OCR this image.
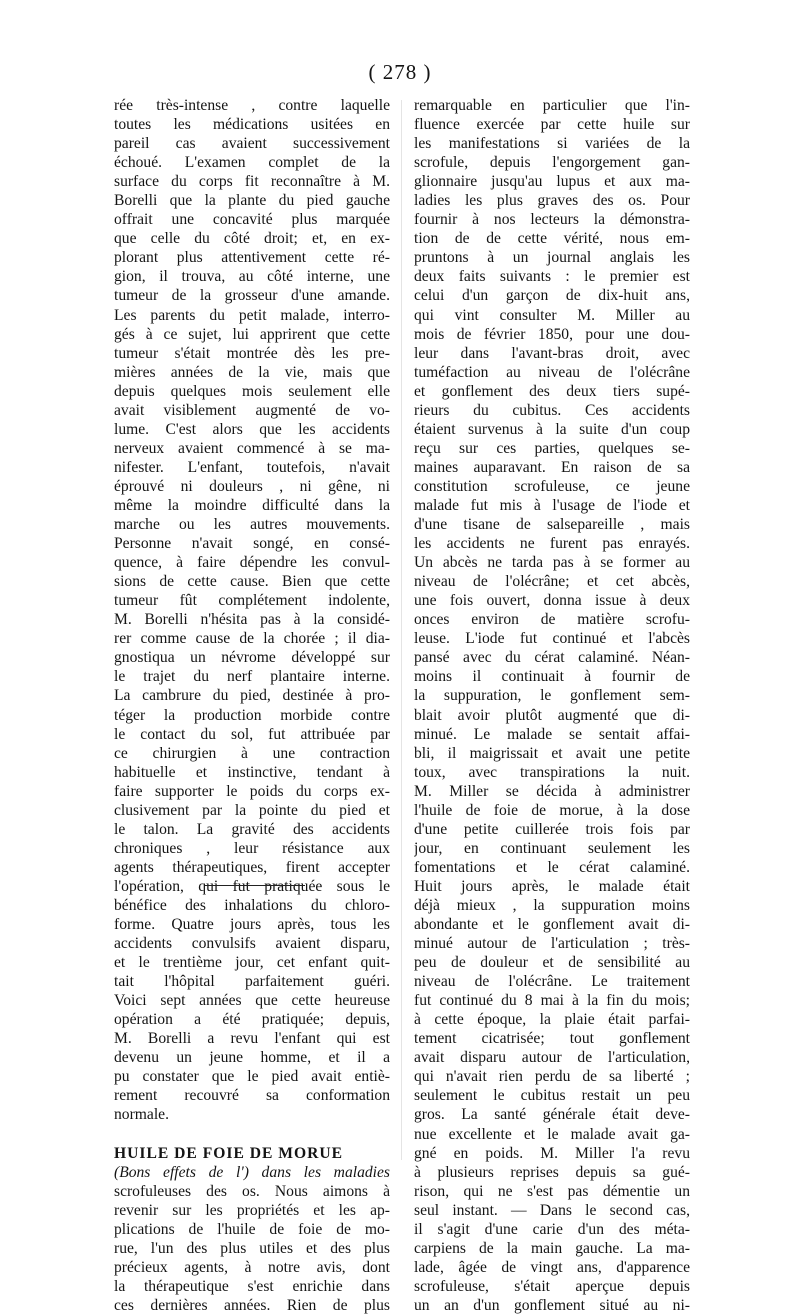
( 278 )
rée très-intense , contre laquelle
toutes les médications usitées en
pareil cas avaient successivement
échoué. L'examen complet de la
surface du corps fit reconnaître à M.
Borelli que la plante du pied gauche
offrait une concavité plus marquée
que celle du côté droit; et, en ex-
plorant plus attentivement cette ré-
gion, il trouva, au côté interne, une
tumeur de la grosseur d'une amande.
Les parents du petit malade, interro-
gés à ce sujet, lui apprirent que cette
tumeur s'était montrée dès les pre-
mières années de la vie, mais que
depuis quelques mois seulement elle
avait visiblement augmenté de vo-
lume. C'est alors que les accidents
nerveux avaient commencé à se ma-
nifester. L'enfant, toutefois, n'avait
éprouvé ni douleurs , ni gêne, ni
même la moindre difficulté dans la
marche ou les autres mouvements.
Personne n'avait songé, en consé-
quence, à faire dépendre les convul-
sions de cette cause. Bien que cette
tumeur fût complétement indolente,
M. Borelli n'hésita pas à la considé-
rer comme cause de la chorée ; il dia-
gnostiqua un névrome développé sur
le trajet du nerf plantaire interne.
La cambrure du pied, destinée à pro-
téger la production morbide contre
le contact du sol, fut attribuée par
ce chirurgien à une contraction
habituelle et instinctive, tendant à
faire supporter le poids du corps ex-
clusivement par la pointe du pied et
le talon. La gravité des accidents
chroniques , leur résistance aux
agents thérapeutiques, firent accepter
l'opération, qui fut pratiquée sous le
bénéfice des inhalations du chloro-
forme. Quatre jours après, tous les
accidents convulsifs avaient disparu,
et le trentième jour, cet enfant quit-
tait l'hôpital parfaitement guéri.
Voici sept années que cette heureuse
opération a été pratiquée; depuis,
M. Borelli a revu l'enfant qui est
devenu un jeune homme, et il a
pu constater que le pied avait entiè-
rement recouvré sa conformation
normale.
HUILE DE FOIE DE MORUE
(Bons effets de l') dans les maladies
scrofuleuses des os. Nous aimons à
revenir sur les propriétés et les ap-
plications de l'huile de foie de mo-
rue, l'un des plus utiles et des plus
précieux agents, à notre avis, dont
la thérapeutique s'est enrichie dans
ces dernières années. Rien de plus
remarquable en particulier que l'in-
fluence exercée par cette huile sur
les manifestations si variées de la
scrofule, depuis l'engorgement gan-
glionnaire jusqu'au lupus et aux ma-
ladies les plus graves des os. Pour
fournir à nos lecteurs la démonstra-
tion de de cette vérité, nous em-
pruntons à un journal anglais les
deux faits suivants : le premier est
celui d'un garçon de dix-huit ans,
qui vint consulter M. Miller au
mois de février 1850, pour une dou-
leur dans l'avant-bras droit, avec
tuméfaction au niveau de l'olécrâne
et gonflement des deux tiers supé-
rieurs du cubitus. Ces accidents
étaient survenus à la suite d'un coup
reçu sur ces parties, quelques se-
maines auparavant. En raison de sa
constitution scrofuleuse, ce jeune
malade fut mis à l'usage de l'iode et
d'une tisane de salsepareille , mais
les accidents ne furent pas enrayés.
Un abcès ne tarda pas à se former au
niveau de l'olécrâne; et cet abcès,
une fois ouvert, donna issue à deux
onces environ de matière scrofu-
leuse. L'iode fut continué et l'abcès
pansé avec du cérat calaminé. Néan-
moins il continuait à fournir de
la suppuration, le gonflement sem-
blait avoir plutôt augmenté que di-
minué. Le malade se sentait affai-
bli, il maigrissait et avait une petite
toux, avec transpirations la nuit.
M. Miller se décida à administrer
l'huile de foie de morue, à la dose
d'une petite cuillerée trois fois par
jour, en continuant seulement les
fomentations et le cérat calaminé.
Huit jours après, le malade était
déjà mieux , la suppuration moins
abondante et le gonflement avait di-
minué autour de l'articulation ; très-
peu de douleur et de sensibilité au
niveau de l'olécrâne. Le traitement
fut continué du 8 mai à la fin du mois;
à cette époque, la plaie était parfai-
tement cicatrisée; tout gonflement
avait disparu autour de l'articulation,
qui n'avait rien perdu de sa liberté ;
seulement le cubitus restait un peu
gros. La santé générale était deve-
nue excellente et le malade avait ga-
gné en poids. M. Miller l'a revu
à plusieurs reprises depuis sa gué-
rison, qui ne s'est pas démentie un
seul instant. — Dans le second cas,
il s'agit d'une carie d'un des méta-
carpiens de la main gauche. La ma-
lade, âgée de vingt ans, d'apparence
scrofuleuse, s'était aperçue depuis
un an d'un gonflement situé au ni-
